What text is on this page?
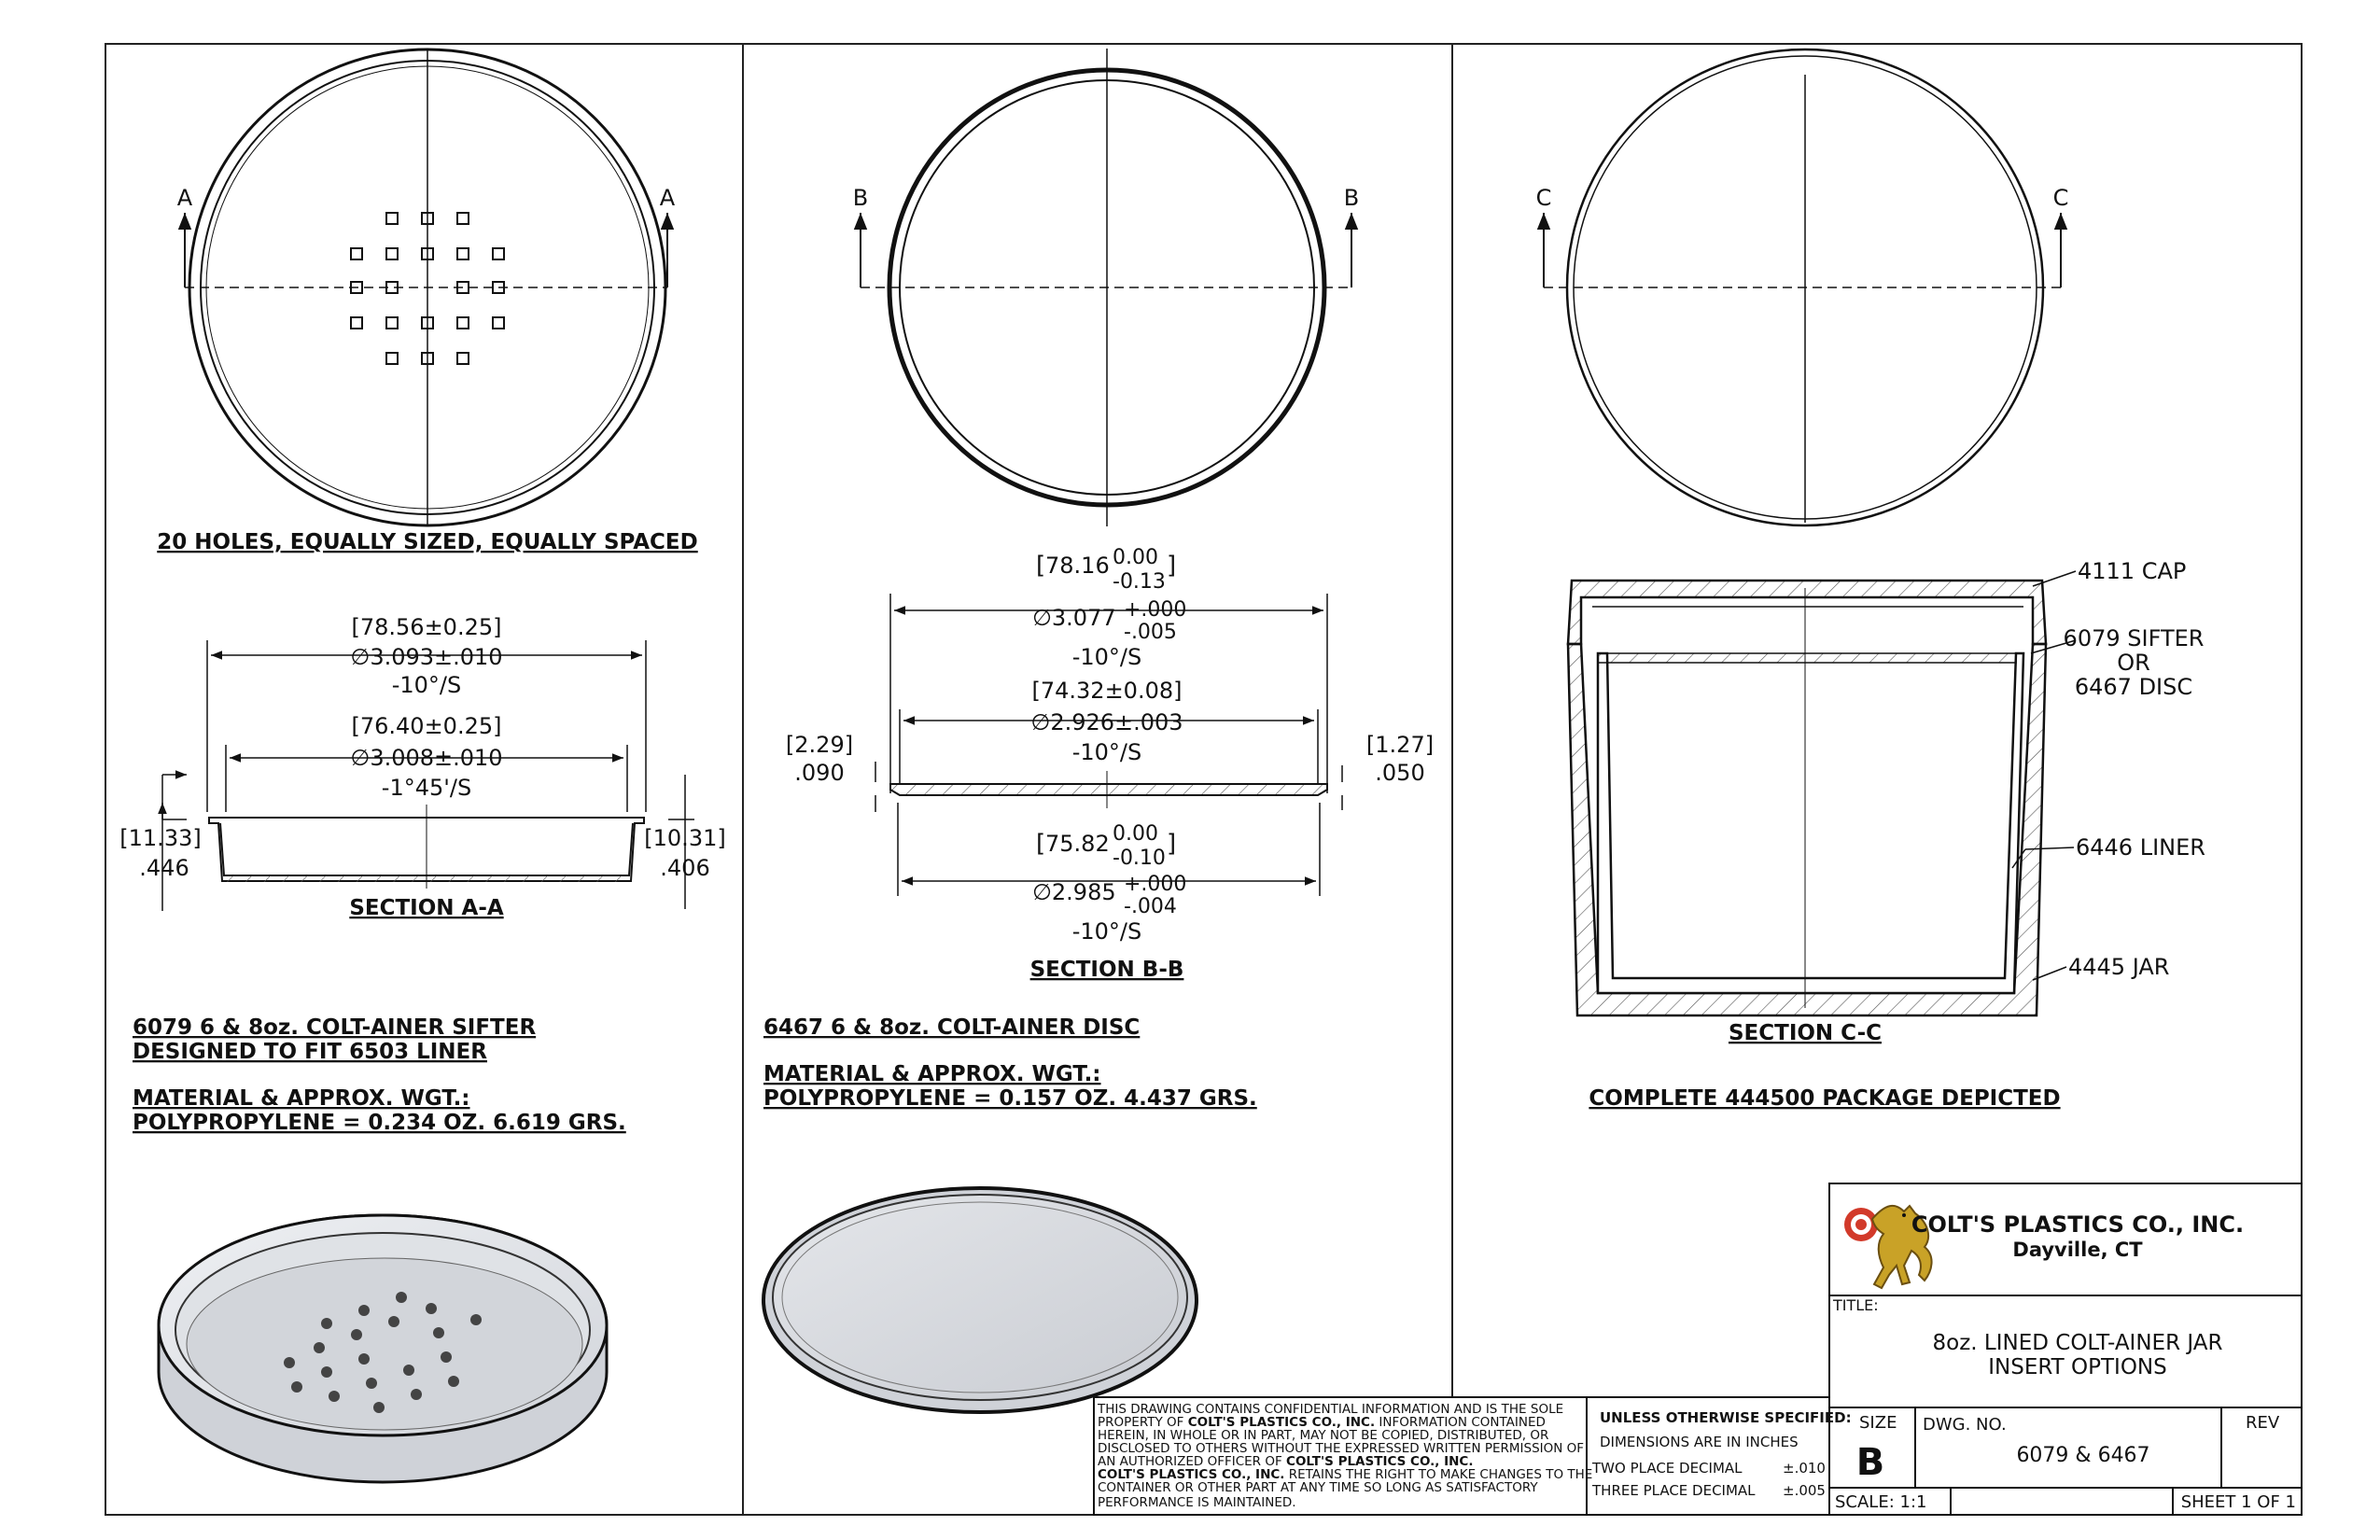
A	A
20 HOLES, EQUALLY SIZED, EQUALLY SPACED
[78.56±0.25]
∅3.093±.010
-10°/S
[76.40±0.25]
∅3.008±.010
-1°45'/S
[11.33]
.446
[10.31]
.406
SECTION A-A
6079 6 & 8oz. COLT-AINER SIFTER
DESIGNED TO FIT 6503 LINER
MATERIAL & APPROX. WGT.:
POLYPROPYLENE = 0.234 OZ. 6.619 GRS.
B	B
[ 78.16 0.00
-0.13
]
∅3.077 +.000
-.005
-10°/S
[74.32±0.08]
∅2.926±.003
-10°/S
[2.29]
.090
[1.27]
.050
[ 75.82 0.00
-0.10
]
∅2.985 +.000
-.004
-10°/S
SECTION B-B
6467 6 & 8oz. COLT-AINER DISC
MATERIAL & APPROX. WGT.:
POLYPROPYLENE = 0.157 OZ. 4.437 GRS.
C	C
4111 CAP
6079 SIFTER
OR
6467 DISC
6446 LINER
4445 JAR
SECTION C-C
COMPLETE 444500 PACKAGE DEPICTED
THIS DRAWING CONTAINS CONFIDENTIAL INFORMATION AND IS THE SOLE
PROPERTY OF COLT'S PLASTICS CO., INC. INFORMATION CONTAINED
HEREIN, IN WHOLE OR IN PART, MAY NOT BE COPIED, DISTRIBUTED, OR
DISCLOSED TO OTHERS WITHOUT THE EXPRESSED WRITTEN PERMISSION OF
AN AUTHORIZED OFFICER OF COLT'S PLASTICS CO., INC.
COLT'S PLASTICS CO., INC. RETAINS THE RIGHT TO MAKE CHANGES TO THE
CONTAINER OR OTHER PART AT ANY TIME SO LONG AS SATISFACTORY
PERFORMANCE IS MAINTAINED.
UNLESS OTHERWISE SPECIFIED:
DIMENSIONS ARE IN INCHES
TWO PLACE DECIMAL	±.010
THREE PLACE DECIMAL ±.005
COLT'S PLASTICS CO., INC.
Dayville, CT
TITLE:
8oz. LINED COLT-AINER JAR
INSERT OPTIONS
SIZE
B
DWG. NO.
6079 & 6467
REV
SCALE: 1:1	SHEET 1 OF 1
